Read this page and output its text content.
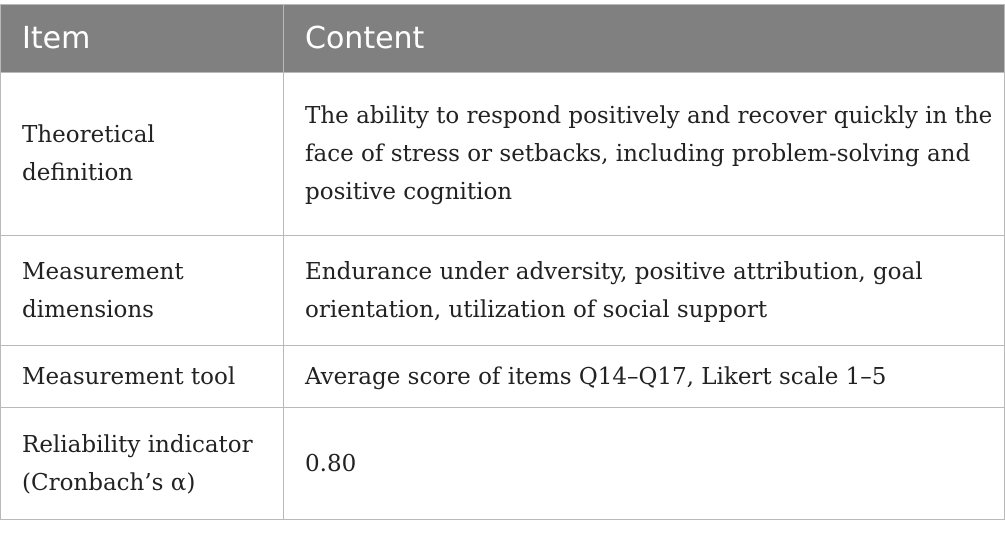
Item	Content
Theoretical definition	The ability to respond positively and recover quickly in the face of stress or setbacks, including problem-solving and positive cognition
Measurement dimensions	Endurance under adversity, positive attribution, goal orientation, utilization of social support
Measurement tool	Average score of items Q14–Q17, Likert scale 1–5
Reliability indicator (Cronbach’s α)	0.80
